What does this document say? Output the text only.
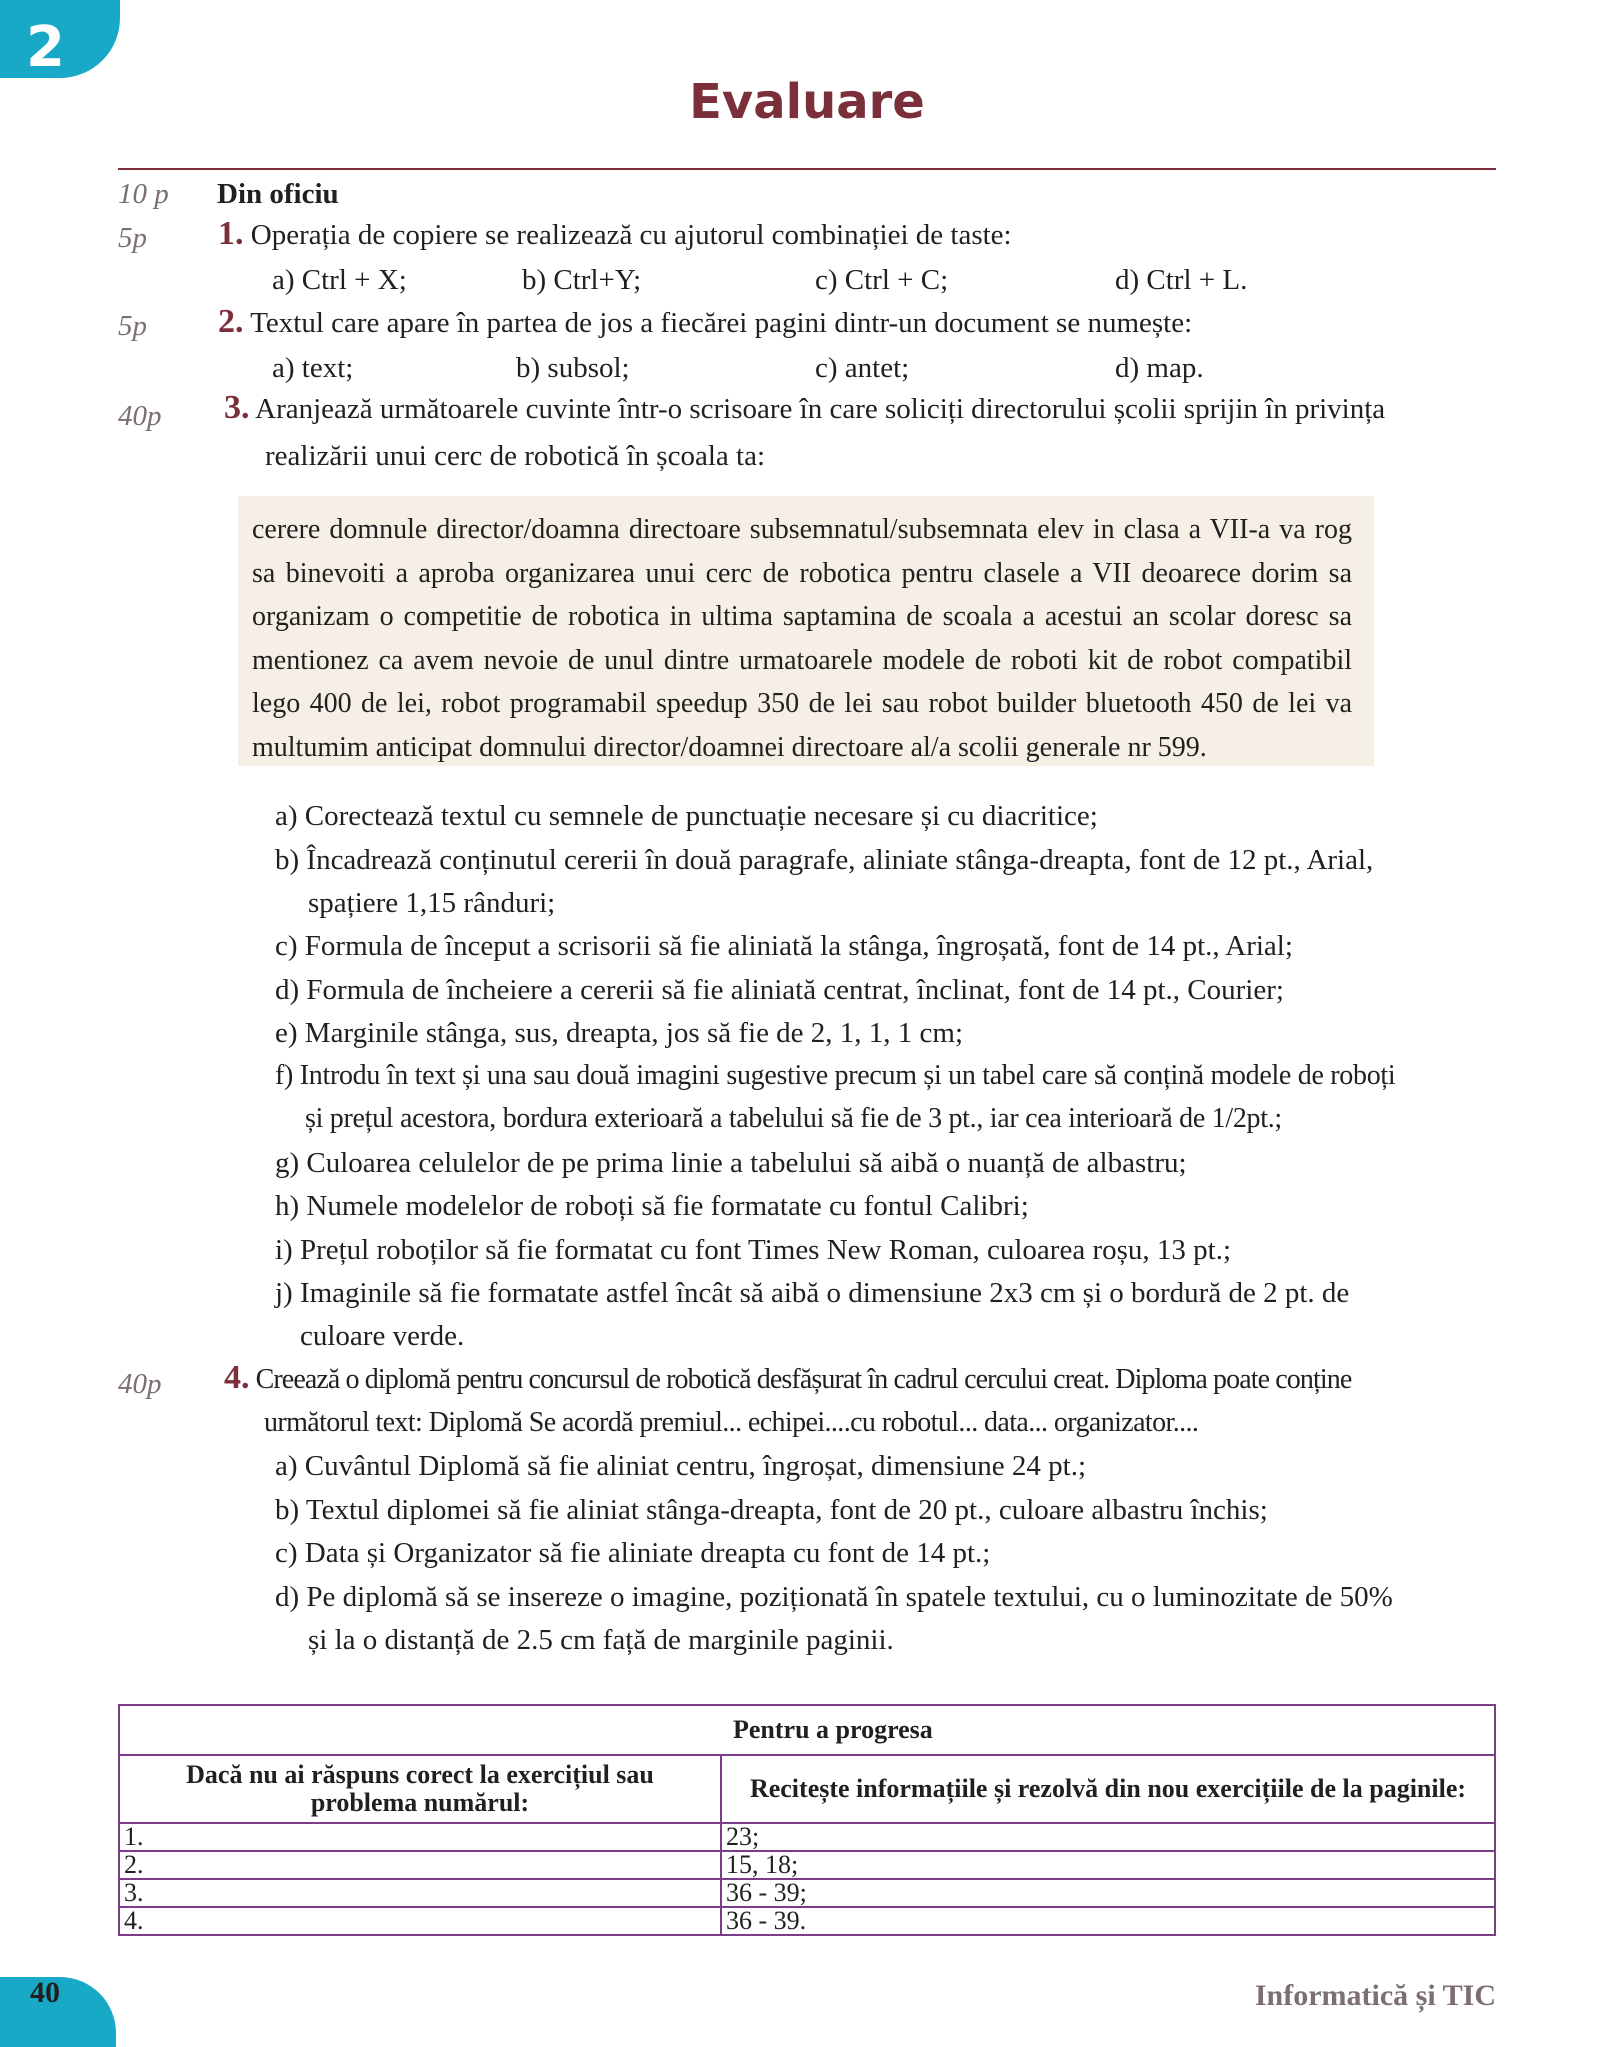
2
Evaluare
10 p Din oficiu
5p 1. Operația de copiere se realizează cu ajutorul combinației de taste:
a) Ctrl + X;	b) Ctrl+Y;	c) Ctrl + C;	d) Ctrl + L.
5p 2. Textul care apare în partea de jos a fiecărei pagini dintr-un document se numește:
a) text;	b) subsol;	c) antet;	d) map.
40p 3. Aranjează următoarele cuvinte într-o scrisoare în care soliciți directorului școlii sprijin în privința
realizării unui cerc de robotică în școala ta:
cerere domnule director/doamna directoare subsemnatul/subsemnata elev in clasa a VII-a va rog sa binevoiti a aproba organizarea unui cerc de robotica pentru clasele a VII deoarece dorim sa organizam o competitie de robotica in ultima saptamina de scoala a acestui an scolar doresc sa mentionez ca avem nevoie de unul dintre urmatoarele modele de roboti kit de robot compatibil lego 400 de lei, robot programabil speedup 350 de lei sau robot builder bluetooth 450 de lei va multumim anticipat domnului director/doamnei directoare al/a scolii generale nr 599.
a) Corectează textul cu semnele de punctuație necesare și cu diacritice;
b) Încadrează conținutul cererii în două paragrafe, aliniate stânga-dreapta, font de 12 pt., Arial,
spațiere 1,15 rânduri;
c) Formula de început a scrisorii să fie aliniată la stânga, îngroșată, font de 14 pt., Arial;
d) Formula de încheiere a cererii să fie aliniată centrat, înclinat, font de 14 pt., Courier;
e) Marginile stânga, sus, dreapta, jos să fie de 2, 1, 1, 1 cm;
f) Introdu în text și una sau două imagini sugestive precum și un tabel care să conțină modele de roboți
și prețul acestora, bordura exterioară a tabelului să fie de 3 pt., iar cea interioară de 1/2pt.;
g) Culoarea celulelor de pe prima linie a tabelului să aibă o nuanță de albastru;
h) Numele modelelor de roboți să fie formatate cu fontul Calibri;
i) Prețul roboților să fie formatat cu font Times New Roman, culoarea roșu, 13 pt.;
j) Imaginile să fie formatate astfel încât să aibă o dimensiune 2x3 cm și o bordură de 2 pt. de
culoare verde.
40p 4. Creează o diplomă pentru concursul de robotică desfășurat în cadrul cercului creat. Diploma poate conține
următorul text: Diplomă Se acordă premiul... echipei....cu robotul... data... organizator....
a) Cuvântul Diplomă să fie aliniat centru, îngroșat, dimensiune 24 pt.;
b) Textul diplomei să fie aliniat stânga-dreapta, font de 20 pt., culoare albastru închis;
c) Data și Organizator să fie aliniate dreapta cu font de 14 pt.;
d) Pe diplomă să se insereze o imagine, poziționată în spatele textului, cu o luminozitate de 50%
și la o distanță de 2.5 cm față de marginile paginii.
	Pentru a progresa
Dacă nu ai răspuns corect la exercițiul sau problema numărul:	Recitește informațiile și rezolvă din nou exercițiile de la paginile:
1.	23;
2.	15, 18;
3.	36 - 39;
4.	36 - 39.
40	Informatică și TIC
